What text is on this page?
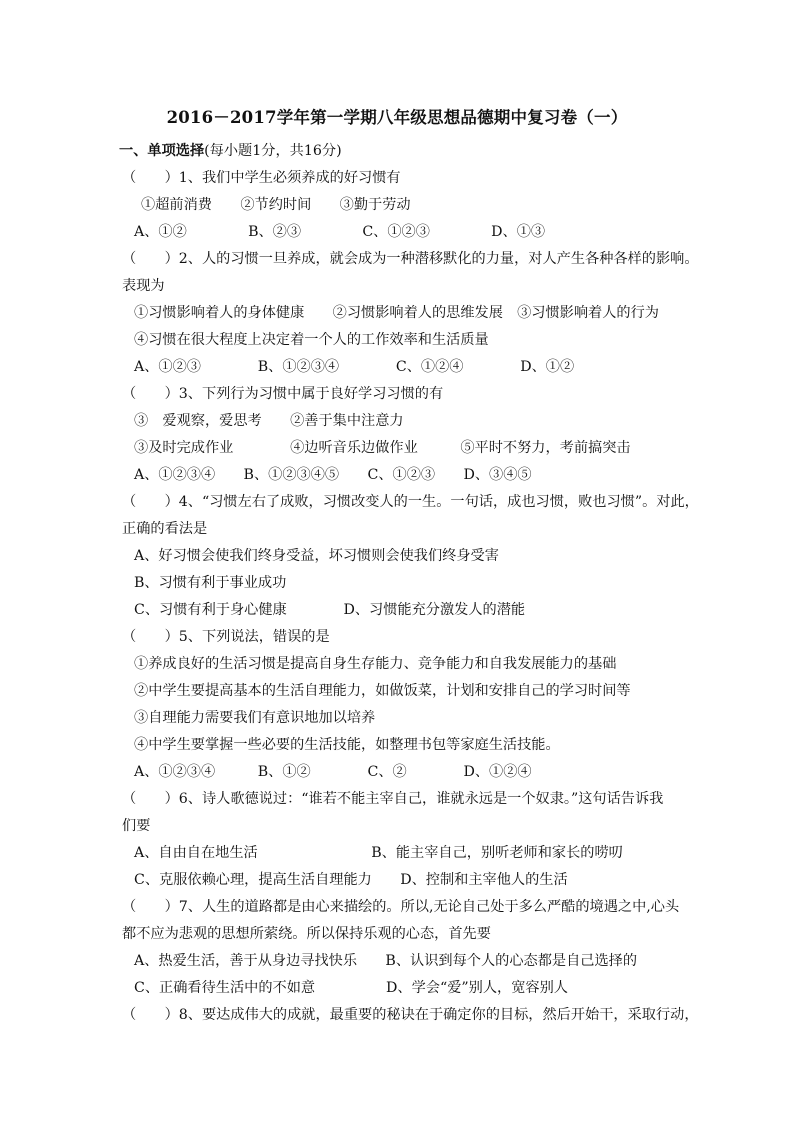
2016－2017学年第一学期八年级思想品德期中复习卷（一）
一、单项选择(每小题1分，共16分)
（　　）1、我们中学生必须养成的好习惯有
①超前消费　　②节约时间　　③勤于劳动
A、①②　　　　 B、②③　　　　 C、①②③　　　　 D、①③
（　　）2、人的习惯一旦养成，就会成为一种潜移默化的力量，对人产生各种各样的影响。
表现为
①习惯影响着人的身体健康　　②习惯影响着人的思维发展　③习惯影响着人的行为
④习惯在很大程度上决定着一个人的工作效率和生活质量
A、①②③　　　　B、①②③④　　　　C、①②④　　　　D、①②
（　　）3、下列行为习惯中属于良好学习习惯的有
③　爱观察，爱思考　　②善于集中注意力
③及时完成作业　　　　④边听音乐边做作业　　　⑤平时不努力，考前搞突击
A、①②③④　　B、①②③④⑤　　C、①②③　　D、③④⑤
（　　）4、“习惯左右了成败，习惯改变人的一生。一句话，成也习惯，败也习惯”。对此，
正确的看法是
A、好习惯会使我们终身受益，坏习惯则会使我们终身受害
B、习惯有利于事业成功
C、习惯有利于身心健康　　　　D、习惯能充分激发人的潜能
（　　）5、下列说法，错误的是
①养成良好的生活习惯是提高自身生存能力、竞争能力和自我发展能力的基础
②中学生要提高基本的生活自理能力，如做饭菜，计划和安排自己的学习时间等
③自理能力需要我们有意识地加以培养
④中学生要掌握一些必要的生活技能，如整理书包等家庭生活技能。
A、①②③④　　　B、①②　　　　C、②　　　　D、①②④
（　　）6、诗人歌德说过：“谁若不能主宰自己，谁就永远是一个奴隶。”这句话告诉我
们要
A、自由自在地生活　　　　　　　　B、能主宰自己，别听老师和家长的唠叨
C、克服依赖心理，提高生活自理能力　　D、控制和主宰他人的生活
（　　）7、人生的道路都是由心来描绘的。所以,无论自己处于多么严酷的境遇之中,心头
都不应为悲观的思想所萦绕。所以保持乐观的心态，首先要
A、热爱生活，善于从身边寻找快乐　　B、认识到每个人的心态都是自己选择的
C、正确看待生活中的不如意　　　　　D、学会“爱”别人，宽容别人
（　　）8、要达成伟大的成就，最重要的秘诀在于确定你的目标，然后开始干，采取行动，
